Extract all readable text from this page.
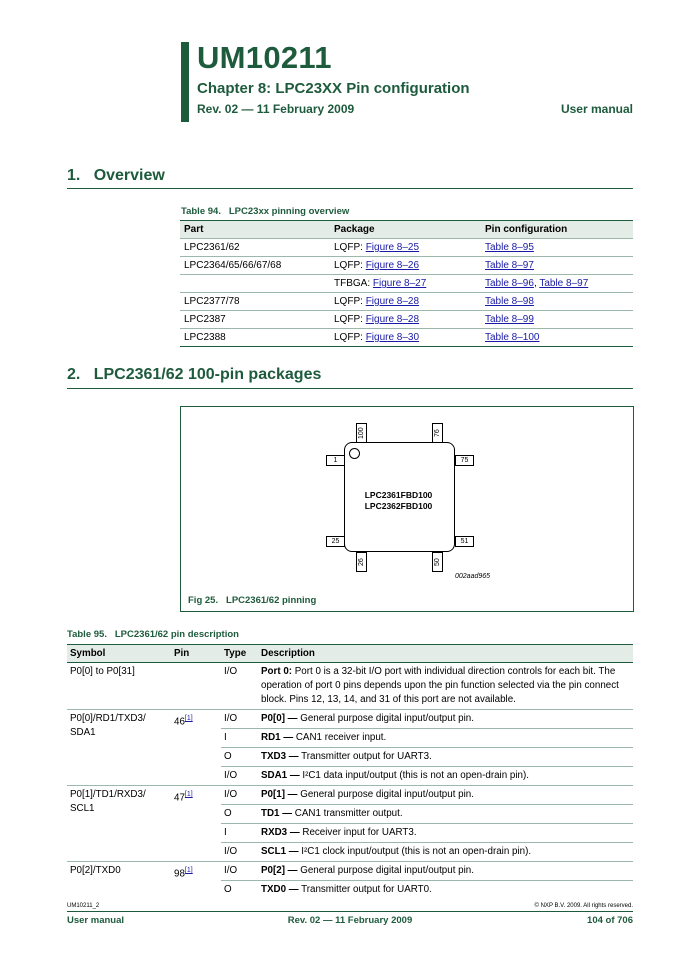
UM10211
Chapter 8: LPC23XX Pin configuration
Rev. 02 — 11 February 2009	User manual
1. Overview
Table 94. LPC23xx pinning overview
Part	Package	Pin configuration
LPC2361/62	LQFP: Figure 8–25	Table 8–95
LPC2364/65/66/67/68	LQFP: Figure 8–26	Table 8–97
	TFBGA: Figure 8–27	Table 8–96, Table 8–97
LPC2377/78	LQFP: Figure 8–28	Table 8–98
LPC2387	LQFP: Figure 8–28	Table 8–99
LPC2388	LQFP: Figure 8–30	Table 8–100
2. LPC2361/62 100-pin packages
100	76
1	75
25	51
26	50
LPC2361FBD100
LPC2362FBD100
002aad965
Fig 25. LPC2361/62 pinning
Table 95. LPC2361/62 pin description
Symbol	Pin	Type	Description
P0[0] to P0[31]		I/O	Port 0: Port 0 is a 32-bit I/O port with individual direction controls for each bit. The operation of port 0 pins depends upon the pin function selected via the pin connect block. Pins 12, 13, 14, and 31 of this port are not available.
P0[0]/RD1/TXD3/ SDA1	46[1]	I/O	P0[0] — General purpose digital input/output pin.
		I	RD1 — CAN1 receiver input.
		O	TXD3 — Transmitter output for UART3.
		I/O	SDA1 — I²C1 data input/output (this is not an open-drain pin).
P0[1]/TD1/RXD3/ SCL1	47[1]	I/O	P0[1] — General purpose digital input/output pin.
		O	TD1 — CAN1 transmitter output.
		I	RXD3 — Receiver input for UART3.
		I/O	SCL1 — I²C1 clock input/output (this is not an open-drain pin).
P0[2]/TXD0	98[1]	I/O	P0[2] — General purpose digital input/output pin.
		O	TXD0 — Transmitter output for UART0.
UM10211_2	© NXP B.V. 2009. All rights reserved.
User manual	Rev. 02 — 11 February 2009	104 of 706
